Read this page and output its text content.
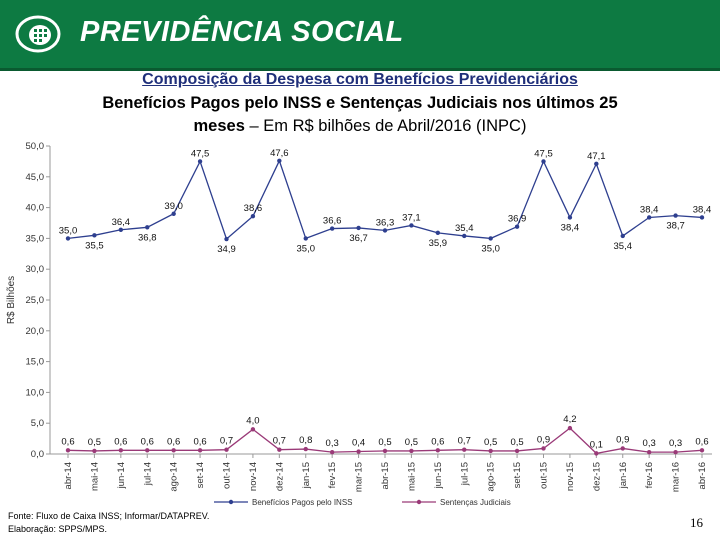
PREVIDÊNCIA SOCIAL
Composição da Despesa com Benefícios Previdenciários
Benefícios Pagos pelo INSS e Sentenças Judiciais nos últimos 25
meses – Em R$ bilhões de Abril/2016 (INPC)
0,0
5,0
10,0
15,0
20,0
25,0
30,0
35,0
40,0
45,0
50,0
R$ Bilhões
abr-14 mai-14 jun-14 jul-14 ago-14 set-14 out-14 nov-14 dez-14 jan-15 fev-15 mar-15 abr-15 mai-15 jun-15 jul-15 ago-15 set-15 out-15 nov-15 dez-15 jan-16 fev-16 mar-16 abr-16
35,0
35,5
36,4
36,8
39,0
47,5
34,9
38,6
47,6
35,0
36,6
36,7
36,3 37,1
35,9
35,4
35,0
36,9
47,5
38,4
47,1
35,4
38,4
38,7
38,4
0,6 0,5 0,6 0,6 0,6 0,6 0,7
4,0
0,7 0,8 0,3 0,4 0,5 0,5 0,6 0,7 0,5 0,5 0,9
4,2
0,1 0,9 0,3 0,3 0,6
Benefícios Pagos pelo INSS	Sentenças Judiciais
Fonte: Fluxo de Caixa INSS; Informar/DATAPREV.
Elaboração: SPPS/MPS.	16
